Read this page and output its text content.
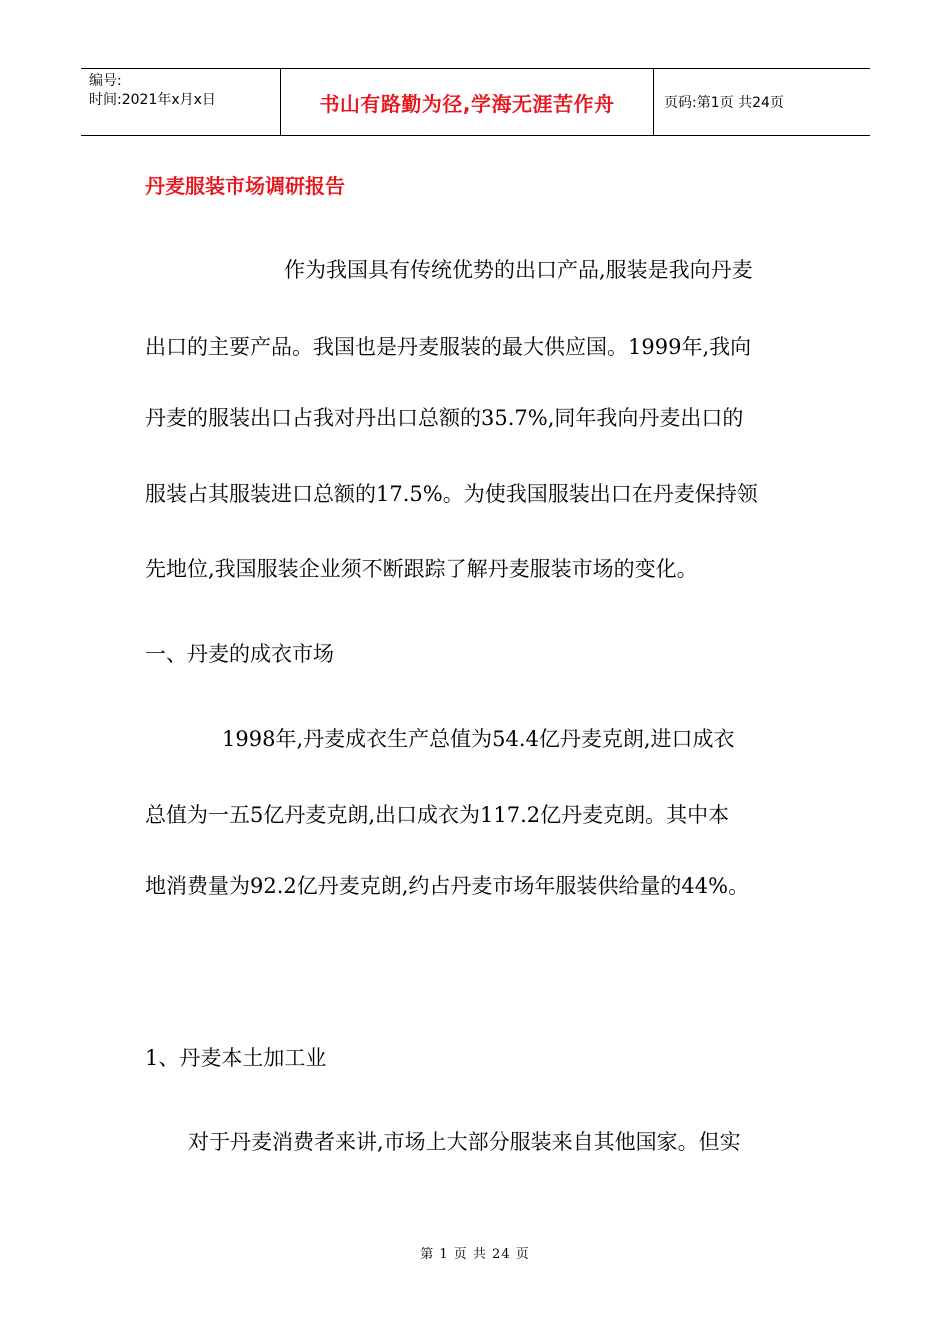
编号:
时间:2021年x月x日	书山有路勤为径,学海无涯苦作舟	页码:第1页 共24页
丹麦服装市场调研报告

作为我国具有传统优势的出口产品,服装是我向丹麦

出口的主要产品。我国也是丹麦服装的最大供应国。1999年,我向

丹麦的服装出口占我对丹出口总额的35.7%,同年我向丹麦出口的

服装占其服装进口总额的17.5%。为使我国服装出口在丹麦保持领

先地位,我国服装企业须不断跟踪了解丹麦服装市场的变化。

一、丹麦的成衣市场

1998年,丹麦成衣生产总值为54.4亿丹麦克朗,进口成衣

总值为一五5亿丹麦克朗,出口成衣为117.2亿丹麦克朗。其中本

地消费量为92.2亿丹麦克朗,约占丹麦市场年服装供给量的44%。

1、丹麦本土加工业

对于丹麦消费者来讲,市场上大部分服装来自其他国家。但实

第 1 页 共 24 页
